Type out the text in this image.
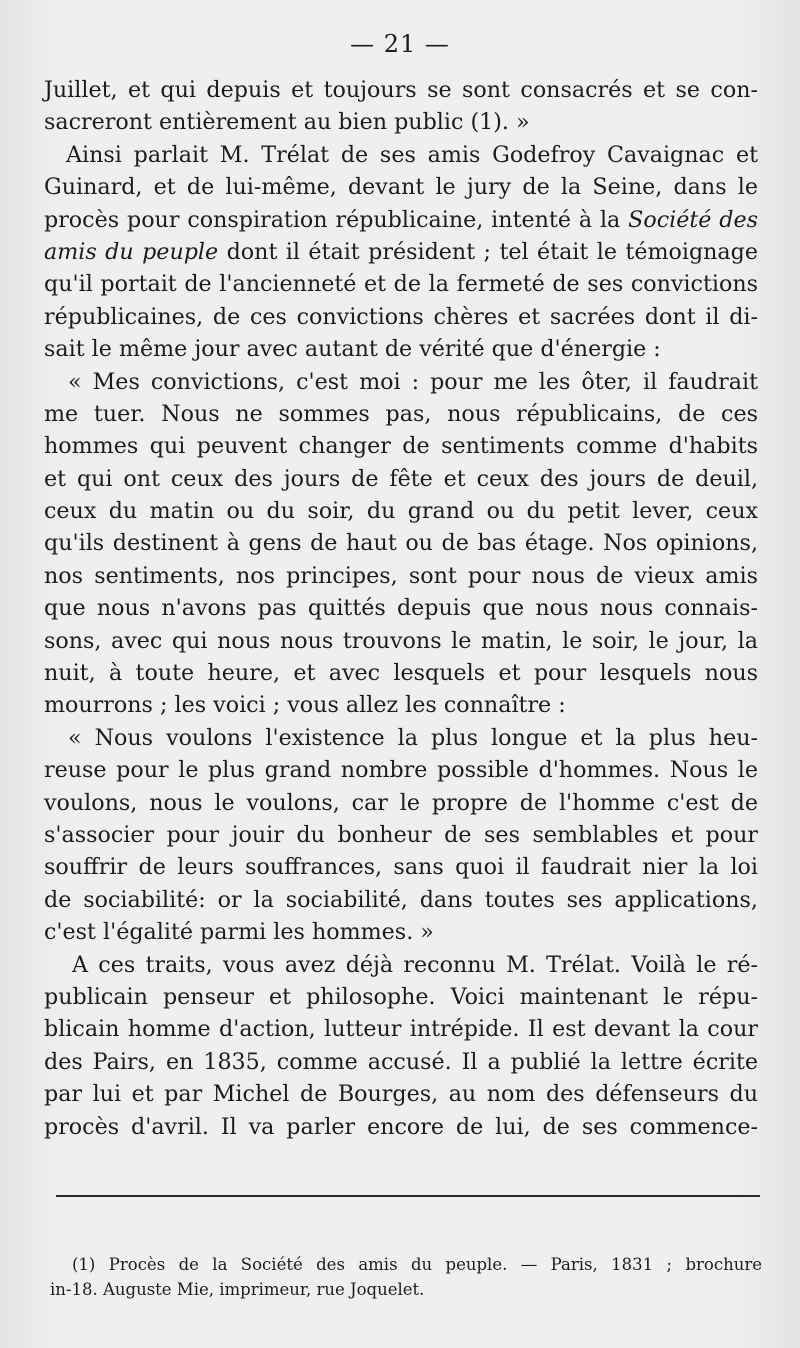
— 21 —
Juillet, et qui depuis et toujours se sont consacrés et se con-
sacreront entièrement au bien public (1). »
Ainsi parlait M. Trélat de ses amis Godefroy Cavaignac et
Guinard, et de lui-même, devant le jury de la Seine, dans le
procès pour conspiration républicaine, intenté à la Société des
amis du peuple dont il était président ; tel était le témoignage
qu'il portait de l'ancienneté et de la fermeté de ses convictions
républicaines, de ces convictions chères et sacrées dont il di-
sait le même jour avec autant de vérité que d'énergie :
« Mes convictions, c'est moi : pour me les ôter, il faudrait
me tuer. Nous ne sommes pas, nous républicains, de ces
hommes qui peuvent changer de sentiments comme d'habits
et qui ont ceux des jours de fête et ceux des jours de deuil,
ceux du matin ou du soir, du grand ou du petit lever, ceux
qu'ils destinent à gens de haut ou de bas étage. Nos opinions,
nos sentiments, nos principes, sont pour nous de vieux amis
que nous n'avons pas quittés depuis que nous nous connais-
sons, avec qui nous nous trouvons le matin, le soir, le jour, la
nuit, à toute heure, et avec lesquels et pour lesquels nous
mourrons ; les voici ; vous allez les connaître :
« Nous voulons l'existence la plus longue et la plus heu-
reuse pour le plus grand nombre possible d'hommes. Nous le
voulons, nous le voulons, car le propre de l'homme c'est de
s'associer pour jouir du bonheur de ses semblables et pour
souffrir de leurs souffrances, sans quoi il faudrait nier la loi
de sociabilité: or la sociabilité, dans toutes ses applications,
c'est l'égalité parmi les hommes. »
A ces traits, vous avez déjà reconnu M. Trélat. Voilà le ré-
publicain penseur et philosophe. Voici maintenant le répu-
blicain homme d'action, lutteur intrépide. Il est devant la cour
des Pairs, en 1835, comme accusé. Il a publié la lettre écrite
par lui et par Michel de Bourges, au nom des défenseurs du
procès d'avril. Il va parler encore de lui, de ses commence-
(1) Procès de la Société des amis du peuple. — Paris, 1831 ; brochure
in-18. Auguste Mie, imprimeur, rue Joquelet.
